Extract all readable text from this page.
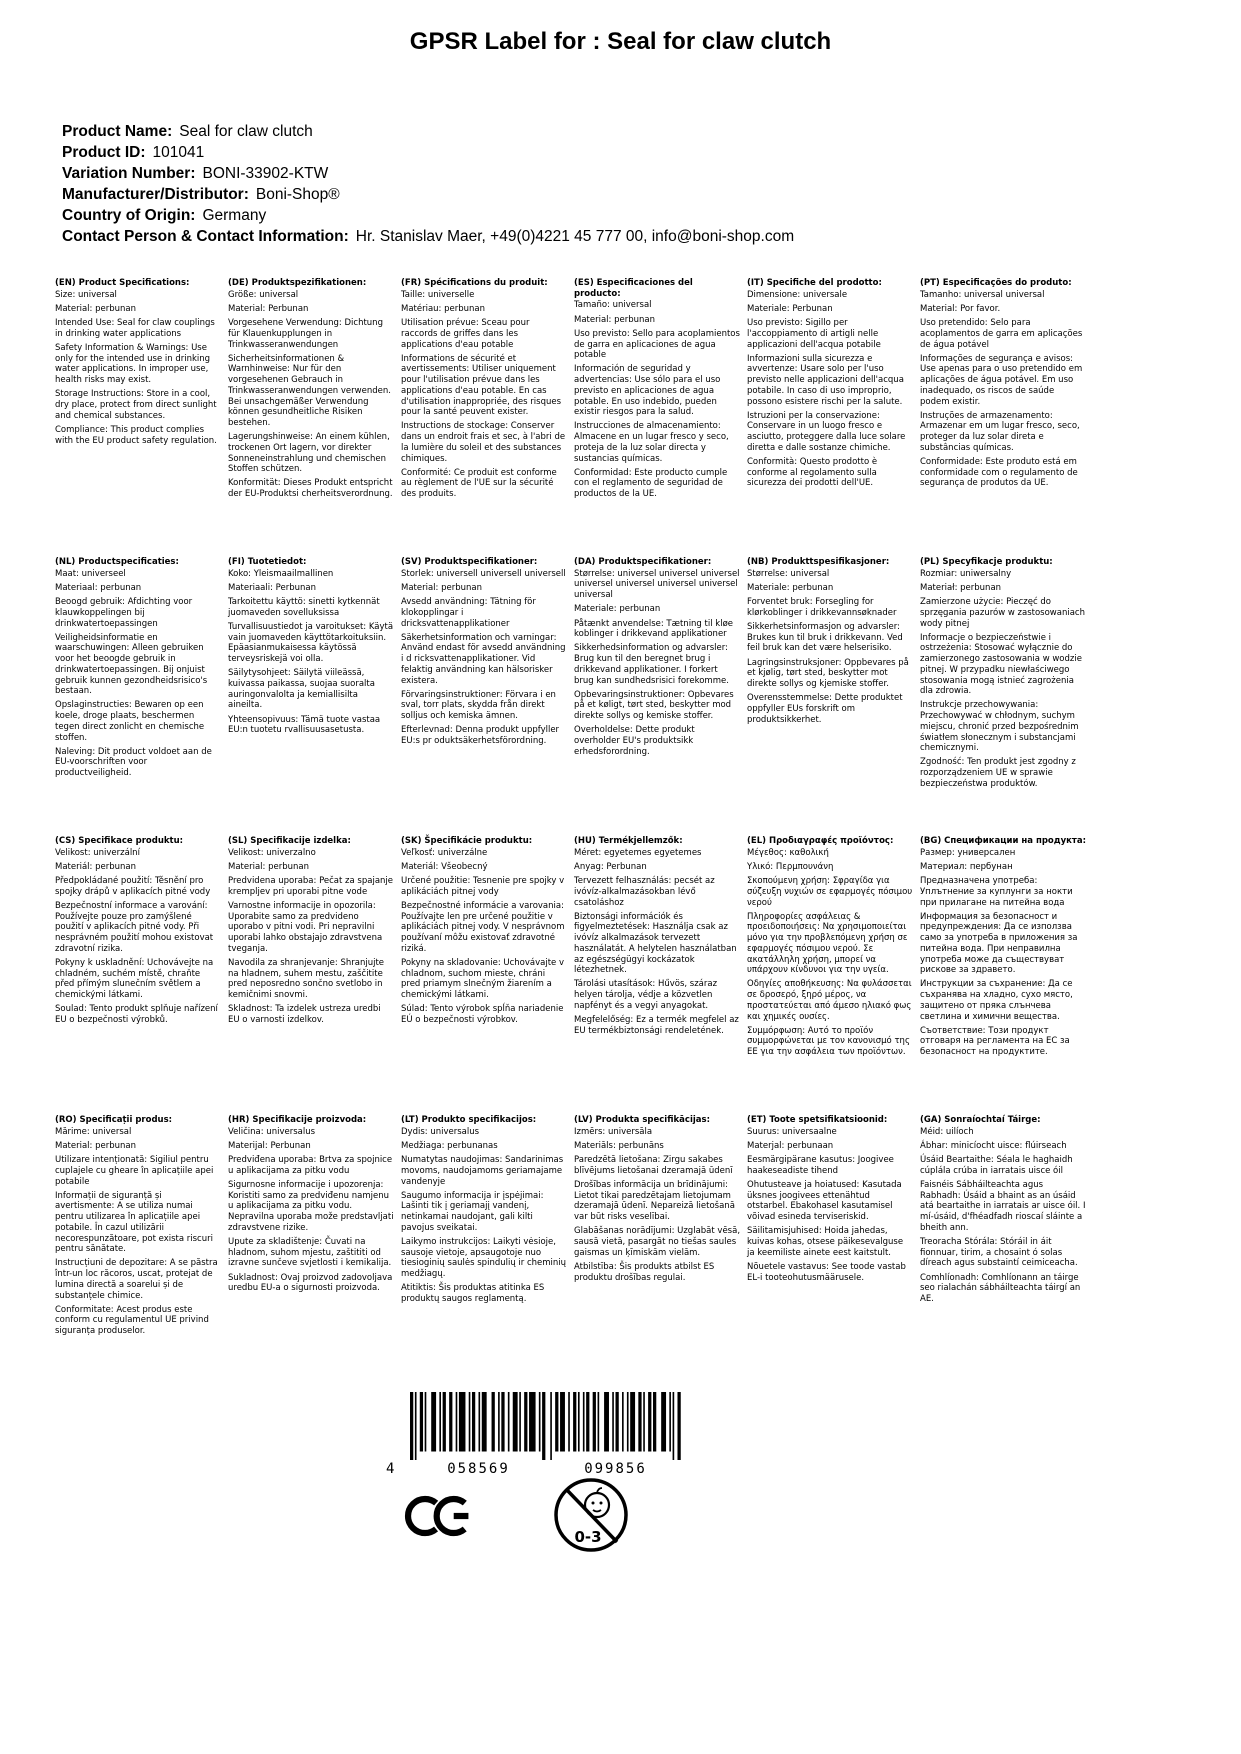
GPSR Label for : Seal for claw clutch
Product Name: Seal for claw clutch
Product ID: 101041
Variation Number: BONI-33902-KTW
Manufacturer/Distributor: Boni-Shop®
Country of Origin: Germany
Contact Person & Contact Information: Hr. Stanislav Maer, +49(0)4221 45 777 00, info@boni-shop.com
(EN) Product Specifications:

Size: universal

Material: perbunan

Intended Use: Seal for claw couplings in drinking water applications

Safety Information & Warnings: Use only for the intended use in drinking water applications. In improper use, health risks may exist.

Storage Instructions: Store in a cool, dry place, protect from direct sunlight and chemical substances.

Compliance: This product complies with the EU product safety regulation.

(DE) Produktspezifikationen:

Größe: universal

Material: Perbunan

Vorgesehene Verwendung: Dichtung für Klauenkupplungen in Trinkwasseranwendungen

Sicherheitsinformationen & Warnhinweise: Nur für den vorgesehenen Gebrauch in Trinkwasseranwendungen verwenden. Bei unsachgemäßer Verwendung können gesundheitliche Risiken bestehen.

Lagerungshinweise: An einem kühlen, trockenen Ort lagern, vor direkter Sonneneinstrahlung und chemischen Stoffen schützen.

Konformität: Dieses Produkt entspricht der EU-Produktsi cherheitsverordnung.

(FR) Spécifications du produit:

Taille: universelle

Matériau: perbunan

Utilisation prévue: Sceau pour raccords de griffes dans les applications d'eau potable

Informations de sécurité et avertissements: Utiliser uniquement pour l'utilisation prévue dans les applications d'eau potable. En cas d'utilisation inappropriée, des risques pour la santé peuvent exister.

Instructions de stockage: Conserver dans un endroit frais et sec, à l'abri de la lumière du soleil et des substances chimiques.

Conformité: Ce produit est conforme au règlement de l'UE sur la sécurité des produits.

(ES) Especificaciones del producto:

Tamaño: universal

Material: perbunan

Uso previsto: Sello para acoplamientos de garra en aplicaciones de agua potable

Información de seguridad y advertencias: Use sólo para el uso previsto en aplicaciones de agua potable. En uso indebido, pueden existir riesgos para la salud.

Instrucciones de almacenamiento: Almacene en un lugar fresco y seco, proteja de la luz solar directa y sustancias químicas.

Conformidad: Este producto cumple con el reglamento de seguridad de productos de la UE.

(IT) Specifiche del prodotto:

Dimensione: universale

Materiale: Perbunan

Uso previsto: Sigillo per l'accoppiamento di artigli nelle applicazioni dell'acqua potabile

Informazioni sulla sicurezza e avvertenze: Usare solo per l'uso previsto nelle applicazioni dell'acqua potabile. In caso di uso improprio, possono esistere rischi per la salute.

Istruzioni per la conservazione: Conservare in un luogo fresco e asciutto, proteggere dalla luce solare diretta e dalle sostanze chimiche.

Conformità: Questo prodotto è conforme al regolamento sulla sicurezza dei prodotti dell'UE.

(PT) Especificações do produto:

Tamanho: universal universal

Material: Por favor.

Uso pretendido: Selo para acoplamentos de garra em aplicações de água potável

Informações de segurança e avisos: Use apenas para o uso pretendido em aplicações de água potável. Em uso inadequado, os riscos de saúde podem existir.

Instruções de armazenamento: Armazenar em um lugar fresco, seco, proteger da luz solar direta e substâncias químicas.

Conformidade: Este produto está em conformidade com o regulamento de segurança de produtos da UE.

(NL) Productspecificaties:

Maat: universeel

Materiaal: perbunan

Beoogd gebruik: Afdichting voor klauwkoppelingen bij drinkwatertoepassingen

Veiligheidsinformatie en waarschuwingen: Alleen gebruiken voor het beoogde gebruik in drinkwatertoepassingen. Bij onjuist gebruik kunnen gezondheidsrisico's bestaan.

Opslaginstructies: Bewaren op een koele, droge plaats, beschermen tegen direct zonlicht en chemische stoffen.

Naleving: Dit product voldoet aan de EU-voorschriften voor productveiligheid.

(FI) Tuotetiedot:

Koko: Yleismaailmallinen

Materiaali: Perbunan

Tarkoitettu käyttö: sinetti kytkennät juomaveden sovelluksissa

Turvallisuustiedot ja varoitukset: Käytä vain juomaveden käyttötarkoituksiin. Epäasianmukaisessa käytössä terveysriskejä voi olla.

Säilytysohjeet: Säilytä viileässä, kuivassa paikassa, suojaa suoralta auringonvalolta ja kemiallisilta aineilta.

Yhteensopivuus: Tämä tuote vastaa EU:n tuotetu rvallisuusasetusta.

(SV) Produktspecifikationer:

Storlek: universell universell universell

Material: perbunan

Avsedd användning: Tätning för klokopplingar i dricksvattenapplikationer

Säkerhetsinformation och varningar: Använd endast för avsedd användning i d ricksvattenapplikationer. Vid felaktig användning kan hälsorisker existera.

Förvaringsinstruktioner: Förvara i en sval, torr plats, skydda från direkt solljus och kemiska ämnen.

Efterlevnad: Denna produkt uppfyller EU:s pr oduktsäkerhetsförordning.

(DA) Produktspecifikationer:

Størrelse: universel universel universel universel universel universel universel universal

Materiale: perbunan

Påtænkt anvendelse: Tætning til kløe koblinger i drikkevand applikationer

Sikkerhedsinformation og advarsler: Brug kun til den beregnet brug i drikkevand applikationer. I forkert brug kan sundhedsrisici forekomme.

Opbevaringsinstruktioner: Opbevares på et køligt, tørt sted, beskytter mod direkte sollys og kemiske stoffer.

Overholdelse: Dette produkt overholder EU's produktsikk erhedsforordning.

(NB) Produkttspesifikasjoner:

Størrelse: universal

Materiale: perbunan

Forventet bruk: Forsegling for klørkoblinger i drikkevannsøknader

Sikkerhetsinformasjon og advarsler: Brukes kun til bruk i drikkevann. Ved feil bruk kan det være helserisiko.

Lagringsinstruksjoner: Oppbevares på et kjølig, tørt sted, beskytter mot direkte sollys og kjemiske stoffer.

Overensstemmelse: Dette produktet oppfyller EUs forskrift om produktsikkerhet.

(PL) Specyfikacje produktu:

Rozmiar: uniwersalny

Materiał: perbunan

Zamierzone użycie: Pieczęć do sprzęgania pazurów w zastosowaniach wody pitnej

Informacje o bezpieczeństwie i ostrzeżenia: Stosować wyłącznie do zamierzonego zastosowania w wodzie pitnej. W przypadku niewłaściwego stosowania mogą istnieć zagrożenia dla zdrowia.

Instrukcje przechowywania: Przechowywać w chłodnym, suchym miejscu, chronić przed bezpośrednim światłem słonecznym i substancjami chemicznymi.

Zgodność: Ten produkt jest zgodny z rozporządzeniem UE w sprawie bezpieczeństwa produktów.

(CS) Specifikace produktu:

Velikost: univerzální

Materiál: perbunan

Předpokládané použití: Těsnění pro spojky drápů v aplikacích pitné vody

Bezpečnostní informace a varování: Používejte pouze pro zamýšlené použití v aplikacích pitné vody. Při nesprávném použití mohou existovat zdravotní rizika.

Pokyny k uskladnění: Uchovávejte na chladném, suchém místě, chraňte před přímým slunečním světlem a chemickými látkami.

Soulad: Tento produkt splňuje nařízení EU o bezpečnosti výrobků.

(SL) Specifikacije izdelka:

Velikost: univerzalno

Material: perbunan

Predvidena uporaba: Pečat za spajanje krempljev pri uporabi pitne vode

Varnostne informacije in opozorila: Uporabite samo za predvideno uporabo v pitni vodi. Pri nepravilni uporabi lahko obstajajo zdravstvena tveganja.

Navodila za shranjevanje: Shranjujte na hladnem, suhem mestu, zaščitite pred neposredno sončno svetlobo in kemičnimi snovmi.

Skladnost: Ta izdelek ustreza uredbi EU o varnosti izdelkov.

(SK) Špecifikácie produktu:

Veľkosť: univerzálne

Materiál: Všeobecný

Určené použitie: Tesnenie pre spojky v aplikáciách pitnej vody

Bezpečnostné informácie a varovania: Používajte len pre určené použitie v aplikáciách pitnej vody. V nesprávnom používaní môžu existovať zdravotné riziká.

Pokyny na skladovanie: Uchovávajte v chladnom, suchom mieste, chráni pred priamym slnečným žiarením a chemickými látkami.

Súlad: Tento výrobok spĺňa nariadenie EÚ o bezpečnosti výrobkov.

(HU) Termékjellemzők:

Méret: egyetemes egyetemes

Anyag: Perbunan

Tervezett felhasználás: pecsét az ivóvíz-alkalmazásokban lévő csatoláshoz

Biztonsági információk és figyelmeztetések: Használja csak az ivóvíz alkalmazások tervezett használatát. A helytelen használatban az egészségügyi kockázatok létezhetnek.

Tárolási utasítások: Hűvös, száraz helyen tárolja, védje a közvetlen napfényt és a vegyi anyagokat.

Megfelelőség: Ez a termék megfelel az EU termékbiztonsági rendeletének.

(EL) Προδιαγραφές προϊόντος:

Μέγεθος: καθολική

Υλικό: Περμπουνάνη

Σκοπούμενη χρήση: Σφραγίδα για σύζευξη νυχιών σε εφαρμογές πόσιμου νερού

Πληροφορίες ασφάλειας & προειδοποιήσεις: Να χρησιμοποιείται μόνο για την προβλεπόμενη χρήση σε εφαρμογές πόσιμου νερού. Σε ακατάλληλη χρήση, μπορεί να υπάρχουν κίνδυνοι για την υγεία.

Οδηγίες αποθήκευσης: Να φυλάσσεται σε δροσερό, ξηρό μέρος, να προστατεύεται από άμεσο ηλιακό φως και χημικές ουσίες.

Συμμόρφωση: Αυτό το προϊόν συμμορφώνεται με τον κανονισμό της ΕΕ για την ασφάλεια των προϊόντων.

(BG) Спецификации на продукта:

Размер: универсален

Материал: пербунан

Предназначена употреба: Уплътнение за куплунги за нокти при прилагане на питейна вода

Информация за безопасност и предупреждения: Да се използва само за употреба в приложения за питейна вода. При неправилна употреба може да съществуват рискове за здравето.

Инструкции за съхранение: Да се съхранява на хладно, сухо място, защитено от пряка слънчева светлина и химични вещества.

Съответствие: Този продукт отговаря на регламента на ЕС за безопасност на продуктите.

(RO) Specificații produs:

Mărime: universal

Material: perbunan

Utilizare intenționată: Sigiliul pentru cuplajele cu gheare în aplicațiile apei potabile

Informații de siguranță și avertismente: A se utiliza numai pentru utilizarea în aplicațiile apei potabile. În cazul utilizării necorespunzătoare, pot exista riscuri pentru sănătate.

Instrucțiuni de depozitare: A se păstra într-un loc răcoros, uscat, protejat de lumina directă a soarelui și de substanțele chimice.

Conformitate: Acest produs este conform cu regulamentul UE privind siguranța produselor.

(HR) Specifikacije proizvoda:

Veličina: universalus

Materijal: Perbunan

Predviđena uporaba: Brtva za spojnice u aplikacijama za pitku vodu

Sigurnosne informacije i upozorenja: Koristiti samo za predviđenu namjenu u aplikacijama za pitku vodu. Nepravilna uporaba može predstavljati zdravstvene rizike.

Upute za skladištenje: Čuvati na hladnom, suhom mjestu, zaštititi od izravne sunčeve svjetlosti i kemikalija.

Sukladnost: Ovaj proizvod zadovoljava uredbu EU-a o sigurnosti proizvoda.

(LT) Produkto specifikacijos:

Dydis: universalus

Medžiaga: perbunanas

Numatytas naudojimas: Sandarinimas movoms, naudojamoms geriamajame vandenyje

Saugumo informacija ir įspėjimai: Lašinti tik į geriamajį vandenį, netinkamai naudojant, gali kilti pavojus sveikatai.

Laikymo instrukcijos: Laikyti vėsioje, sausoje vietoje, apsaugotoje nuo tiesioginių saulės spindulių ir cheminių medžiagų.

Atitiktis: Šis produktas atitinka ES produktų saugos reglamentą.

(LV) Produkta specifikācijas:

Izmērs: universāla

Materiāls: perbunāns

Paredzētā lietošana: Zirgu sakabes blīvējums lietošanai dzeramajā ūdenī

Drošības informācija un brīdinājumi: Lietot tikai paredzētajam lietojumam dzeramajā ūdenī. Nepareizā lietošanā var būt risks veselībai.

Glabāšanas norādījumi: Uzglabāt vēsā, sausā vietā, pasargāt no tiešas saules gaismas un ķīmiskām vielām.

Atbilstība: Šis produkts atbilst ES produktu drošības regulai.

(ET) Toote spetsifikatsioonid:

Suurus: universaalne

Materjal: perbunaan

Eesmärgipärane kasutus: Joogivee haakeseadiste tihend

Ohutusteave ja hoiatused: Kasutada üksnes joogivees ettenähtud otstarbel. Ebakohasel kasutamisel võivad esineda terviseriskid.

Säilitamisjuhised: Hoida jahedas, kuivas kohas, otsese päikesevalguse ja keemiliste ainete eest kaitstult.

Nõuetele vastavus: See toode vastab EL-i tooteohutusmäärusele.

(GA) Sonraíochtaí Táirge:

Méid: uilíoch

Ábhar: minicíocht uisce: flúirseach

Úsáid Beartaithe: Séala le haghaidh cúplála crúba in iarratais uisce óil

Faisnéis Sábháilteachta agus Rabhadh: Úsáid a bhaint as an úsáid atá beartaithe in iarratais ar uisce óil. I mí-úsáid, d'fhéadfadh rioscaí sláinte a bheith ann.

Treoracha Stórála: Stóráil in áit fionnuar, tirim, a chosaint ó solas díreach agus substaintí ceimiceacha.

Comhlíonadh: Comhlíonann an táirge seo rialachán sábháilteachta táirgí an AE.

4	058569	099856
0-3
